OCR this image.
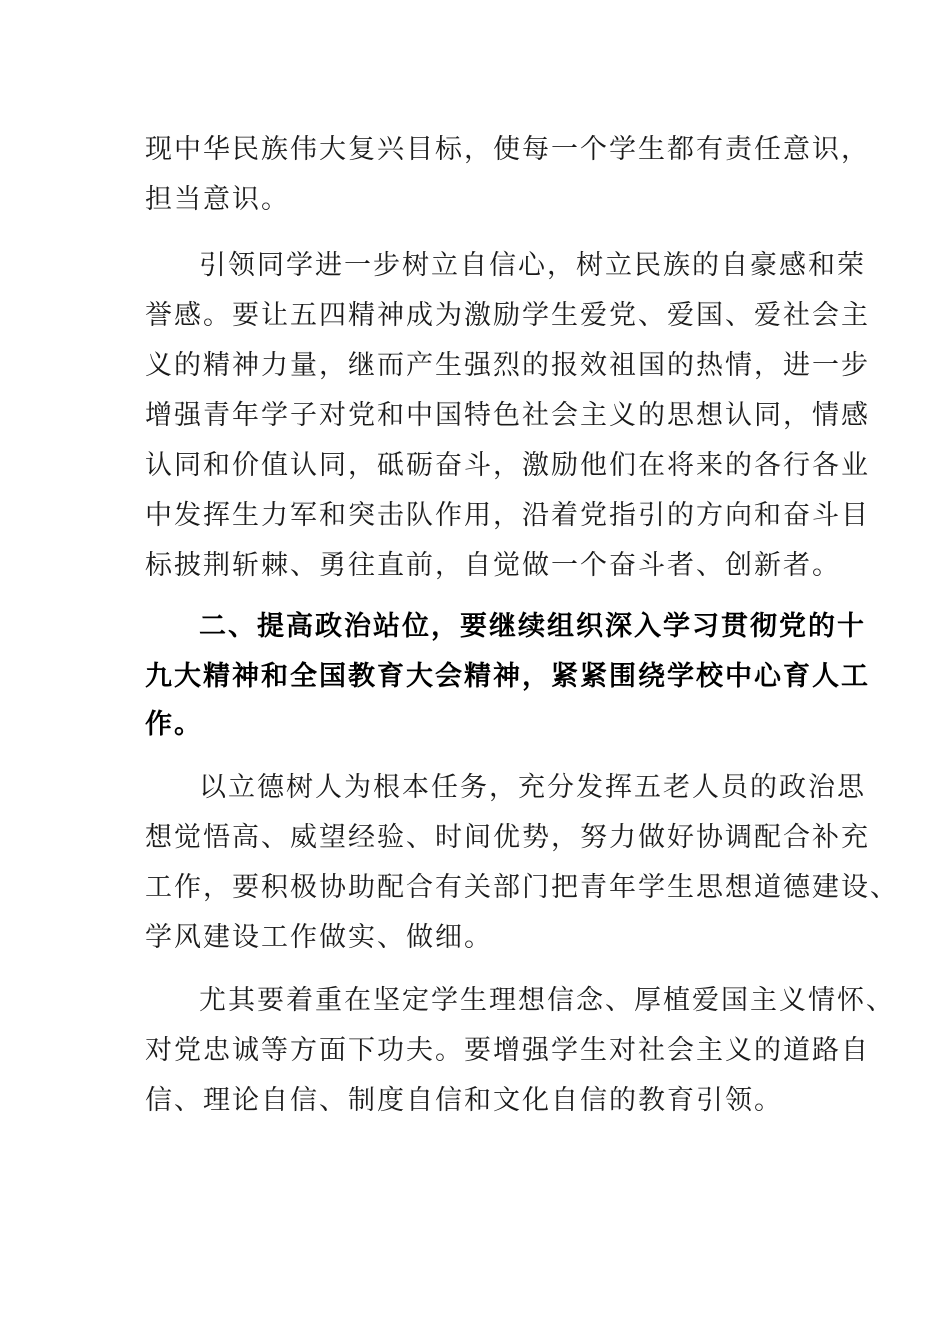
现中华民族伟大复兴目标，使每一个学生都有责任意识，
担当意识。
引领同学进一步树立自信心，树立民族的自豪感和荣
誉感。要让五四精神成为激励学生爱党、爱国、爱社会主
义的精神力量，继而产生强烈的报效祖国的热情，进一步
增强青年学子对党和中国特色社会主义的思想认同，情感
认同和价值认同，砥砺奋斗，激励他们在将来的各行各业
中发挥生力军和突击队作用，沿着党指引的方向和奋斗目
标披荆斩棘、勇往直前，自觉做一个奋斗者、创新者。
二、提高政治站位，要继续组织深入学习贯彻党的十
九大精神和全国教育大会精神，紧紧围绕学校中心育人工
作。
以立德树人为根本任务，充分发挥五老人员的政治思
想觉悟高、威望经验、时间优势，努力做好协调配合补充
工作，要积极协助配合有关部门把青年学生思想道德建设、
学风建设工作做实、做细。
尤其要着重在坚定学生理想信念、厚植爱国主义情怀、
对党忠诚等方面下功夫。要增强学生对社会主义的道路自
信、理论自信、制度自信和文化自信的教育引领。
